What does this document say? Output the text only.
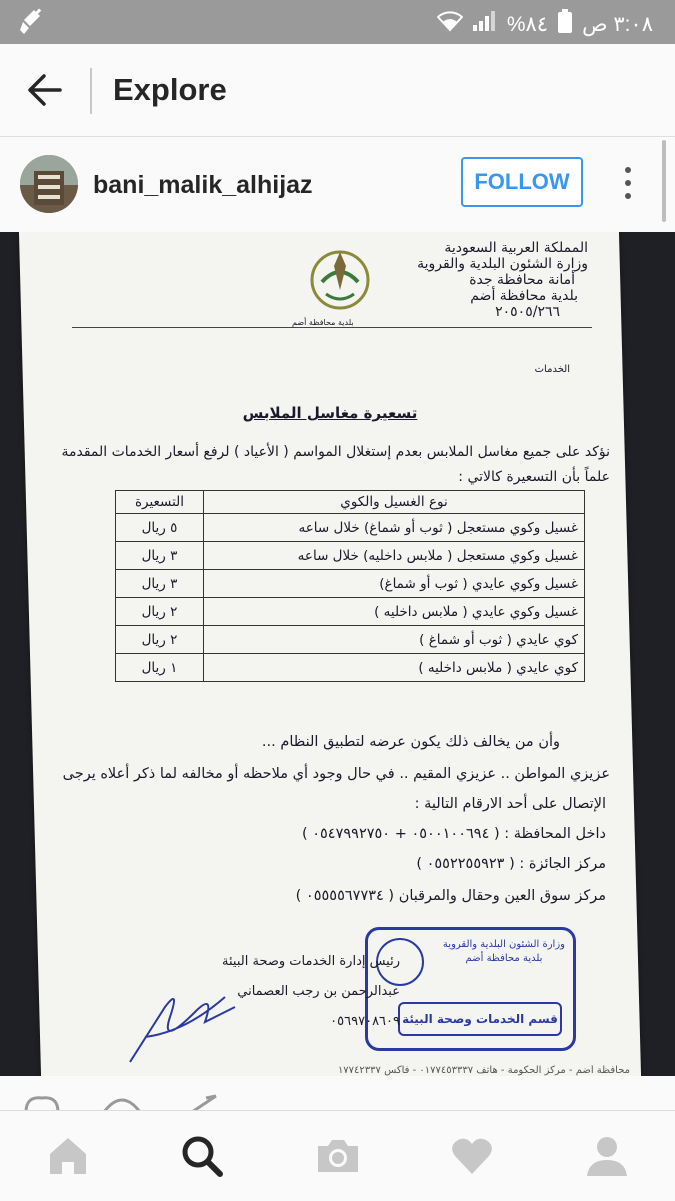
%٨٤ ٣:٠٨ ص
Explore
bani_malik_alhijaz	FOLLOW
المملكة العربية السعودية
وزارة الشئون البلدية والقروية
أمانة محافظة جدة
بلدية محافظة أضم
٢٠٥٠٥/٢٦٦
بلدية محافظة أضم
الخدمات
تسعيرة مغاسل الملابس
نؤكد على جميع مغاسل الملابس بعدم إستغلال المواسم ( الأعياد ) لرفع أسعار الخدمات المقدمة علماً بأن التسعيرة كالاتي :
نوع الغسيل والكوي	التسعيرة
غسيل وكوي مستعجل ( ثوب أو شماغ) خلال ساعه	٥ ريال
غسيل وكوي مستعجل ( ملابس داخليه) خلال ساعه	٣ ريال
غسيل وكوي عايدي ( ثوب أو شماغ)	٣ ريال
غسيل وكوي عايدي ( ملابس داخليه )	٢ ريال
كوي عايدي ( ثوب أو شماغ )	٢ ريال
كوي عايدي ( ملابس داخليه )	١ ريال
وأن من يخالف ذلك يكون عرضه لتطبيق النظام ...
عزيزي المواطن .. عزيزي المقيم .. في حال وجود أي ملاحظه أو مخالفه لما ذكر أعلاه يرجى
الإتصال على أحد الارقام التالية :
داخل المحافظة : ( ٠٥٠٠١٠٠٦٩٤ + ٠٥٤٧٩٩٢٧٥٠ )
مركز الجائزة : ( ٠٥٥٢٢٥٥٩٢٣ )
مركز سوق العين وحقال والمرقبان ( ٠٥٥٥٥٦٧٧٣٤ )
وزارة الشئون البلدية والقروية
بلدية محافظة أضم
قسم الخدمات وصحة البيئة
رئيس إدارة الخدمات وصحة البيئة
عبدالرحمن بن رجب العصماني
٠٥٦٩٧٠٨٦٠٩
محافظة أضم - مركز الحكومة - هاتف ٠١٧٧٤٥٣٣٣٧ - فاكس ١٧٧٤٢٣٣٧
